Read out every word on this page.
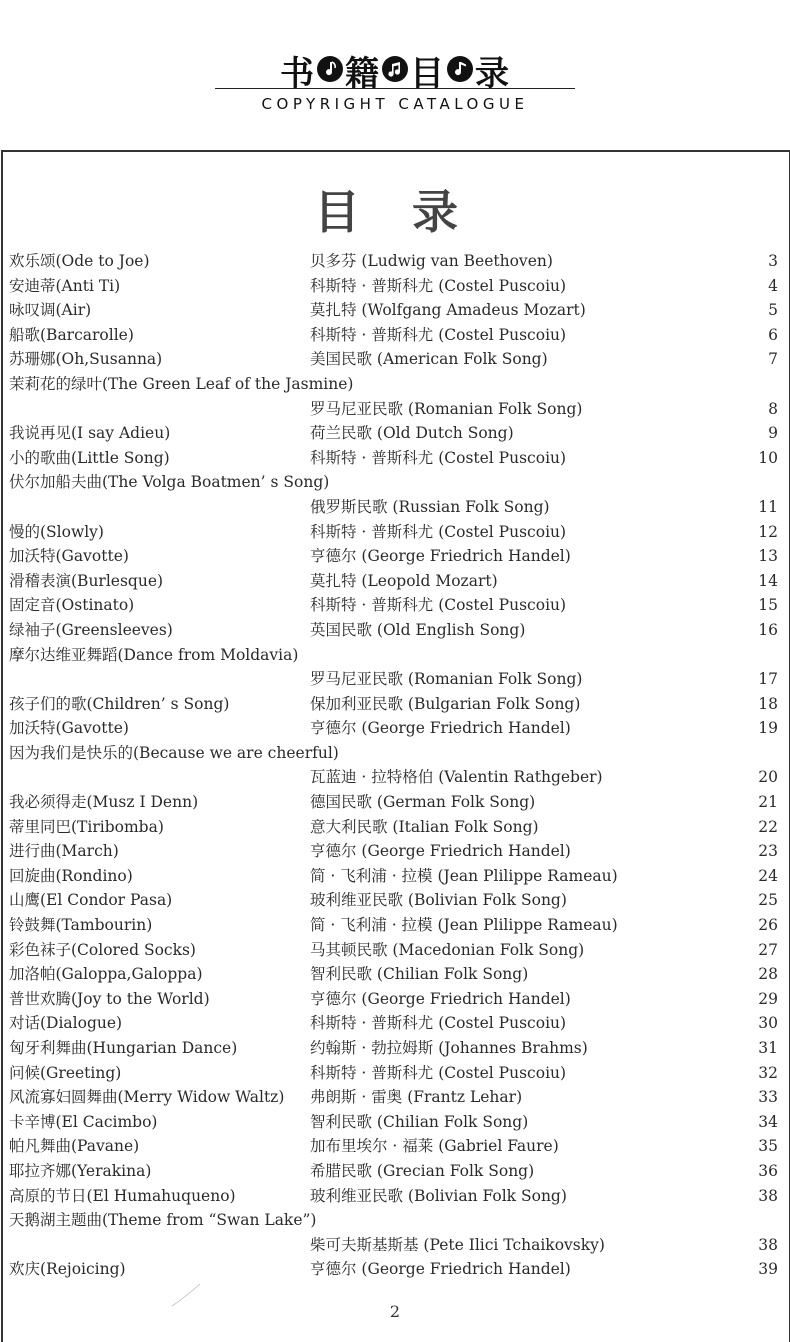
书 籍 目 录
COPYRIGHT CATALOGUE
目 录
欢乐颂(Ode to Joe)	贝多芬 (Ludwig van Beethoven)	3
安迪蒂(Anti Ti)	科斯特 · 普斯科尤 (Costel Puscoiu)	4
咏叹调(Air)	莫扎特 (Wolfgang Amadeus Mozart)	5
船歌(Barcarolle)	科斯特 · 普斯科尤 (Costel Puscoiu)	6
苏珊娜(Oh,Susanna)	美国民歌 (American Folk Song)	7
茉莉花的绿叶(The Green Leaf of the Jasmine)
罗马尼亚民歌 (Romanian Folk Song)	8
我说再见(I say Adieu)	荷兰民歌 (Old Dutch Song)	9
小的歌曲(Little Song)	科斯特 · 普斯科尤 (Costel Puscoiu)	10
伏尔加船夫曲(The Volga Boatmen’ s Song)
俄罗斯民歌 (Russian Folk Song)	11
慢的(Slowly)	科斯特 · 普斯科尤 (Costel Puscoiu)	12
加沃特(Gavotte)	亨德尔 (George Friedrich Handel)	13
滑稽表演(Burlesque)	莫扎特 (Leopold Mozart)	14
固定音(Ostinato)	科斯特 · 普斯科尤 (Costel Puscoiu)	15
绿袖子(Greensleeves)	英国民歌 (Old English Song)	16
摩尔达维亚舞蹈(Dance from Moldavia)
罗马尼亚民歌 (Romanian Folk Song)	17
孩子们的歌(Children’ s Song)	保加利亚民歌 (Bulgarian Folk Song)	18
加沃特(Gavotte)	亨德尔 (George Friedrich Handel)	19
因为我们是快乐的(Because we are cheerful)
瓦蓝迪 · 拉特格伯 (Valentin Rathgeber)	20
我必须得走(Musz I Denn)	德国民歌 (German Folk Song)	21
蒂里同巴(Tiribomba)	意大利民歌 (Italian Folk Song)	22
进行曲(March)	亨德尔 (George Friedrich Handel)	23
回旋曲(Rondino)	简 · 飞利浦 · 拉模 (Jean Plilippe Rameau)	24
山鹰(El Condor Pasa)	玻利维亚民歌 (Bolivian Folk Song)	25
铃鼓舞(Tambourin)	简 · 飞利浦 · 拉模 (Jean Plilippe Rameau)	26
彩色袜子(Colored Socks)	马其顿民歌 (Macedonian Folk Song)	27
加洛帕(Galoppa,Galoppa)	智利民歌 (Chilian Folk Song)	28
普世欢腾(Joy to the World)	亨德尔 (George Friedrich Handel)	29
对话(Dialogue)	科斯特 · 普斯科尤 (Costel Puscoiu)	30
匈牙利舞曲(Hungarian Dance)	约翰斯 · 勃拉姆斯 (Johannes Brahms)	31
问候(Greeting)	科斯特 · 普斯科尤 (Costel Puscoiu)	32
风流寡妇圆舞曲(Merry Widow Waltz) 弗朗斯 · 雷奥 (Frantz Lehar)	33
卡辛博(El Cacimbo)	智利民歌 (Chilian Folk Song)	34
帕凡舞曲(Pavane)	加布里埃尔 · 福莱 (Gabriel Faure)	35
耶拉齐娜(Yerakina)	希腊民歌 (Grecian Folk Song)	36
高原的节日(El Humahuqueno)	玻利维亚民歌 (Bolivian Folk Song)	38
天鹅湖主题曲(Theme from “Swan Lake”)
柴可夫斯基斯基 (Pete Ilici Tchaikovsky)	38
欢庆(Rejoicing)	亨德尔 (George Friedrich Handel)	39
2
